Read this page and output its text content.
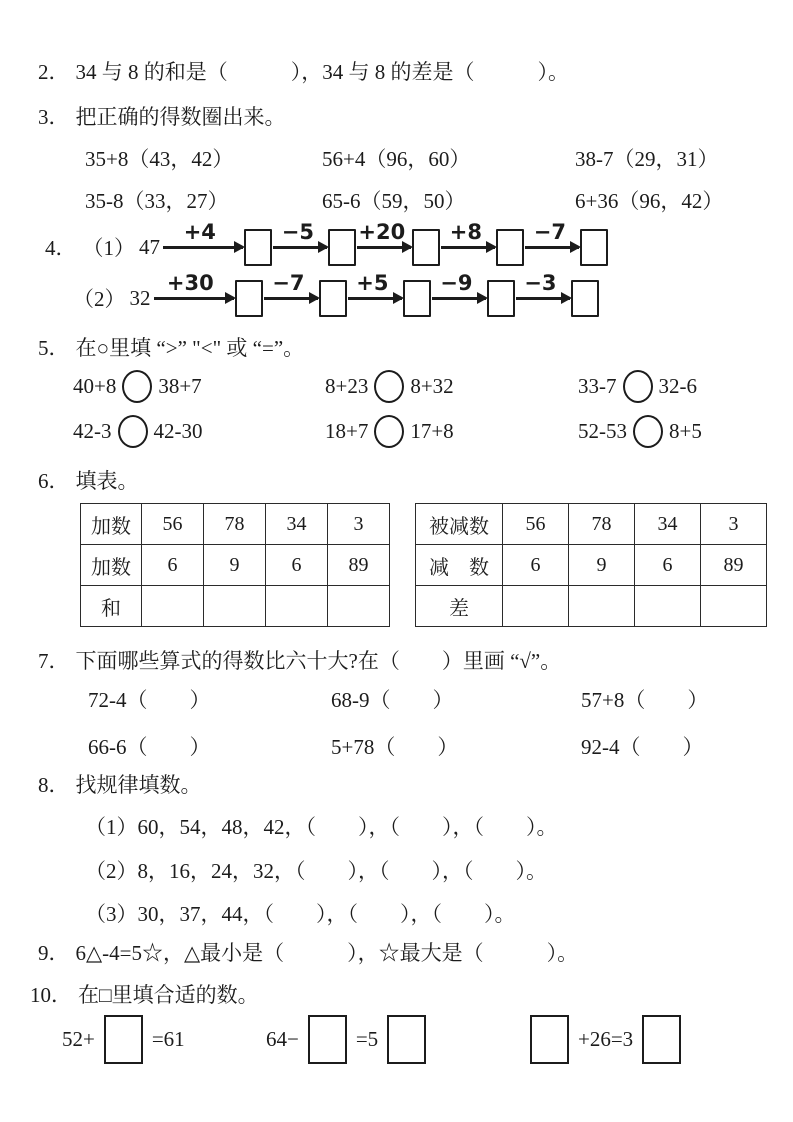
2． 34 与 8 的和是（　　　），34 与 8 的差是（　　　）。
3． 把正确的得数圈出来。
35+8（43，42）	56+4（96，60）	38-7（29，31）
35-8（33，27）	65-6（59，50）	6+36（96，42）
4． （1） 47
+4	−5 +20 +8 −7
（2） 32
+30	−7 +5 −9 −3
5． 在○里填 “>” "<" 或 “=”。
40+8 38+7	8+23 8+32	33-7 32-6
42-3 42-30	18+7 17+8	52-53 8+5
6． 填表。
加数	56	78	34	3
加数	6	9	6	89
和				
被减数	56	78	34	3
减　数	6	9	6	89
差				
7． 下面哪些算式的得数比六十大?在（　　）里画 “√”。
72-4（　　）	68-9（　　）	57+8（　　）
66-6（　　）	5+78（　　）	92-4（　　）
8． 找规律填数。
（1）60，54，48，42，（　　），（　　），（　　）。
（2）8，16，24，32，（　　），（　　），（　　）。
（3）30，37，44，（　　），（　　），（　　）。
9． 6△-4=5☆，△最小是（　　　），☆最大是（　　　）。
10． 在□里填合适的数。
52+	=61	64−	=5	+26=3
